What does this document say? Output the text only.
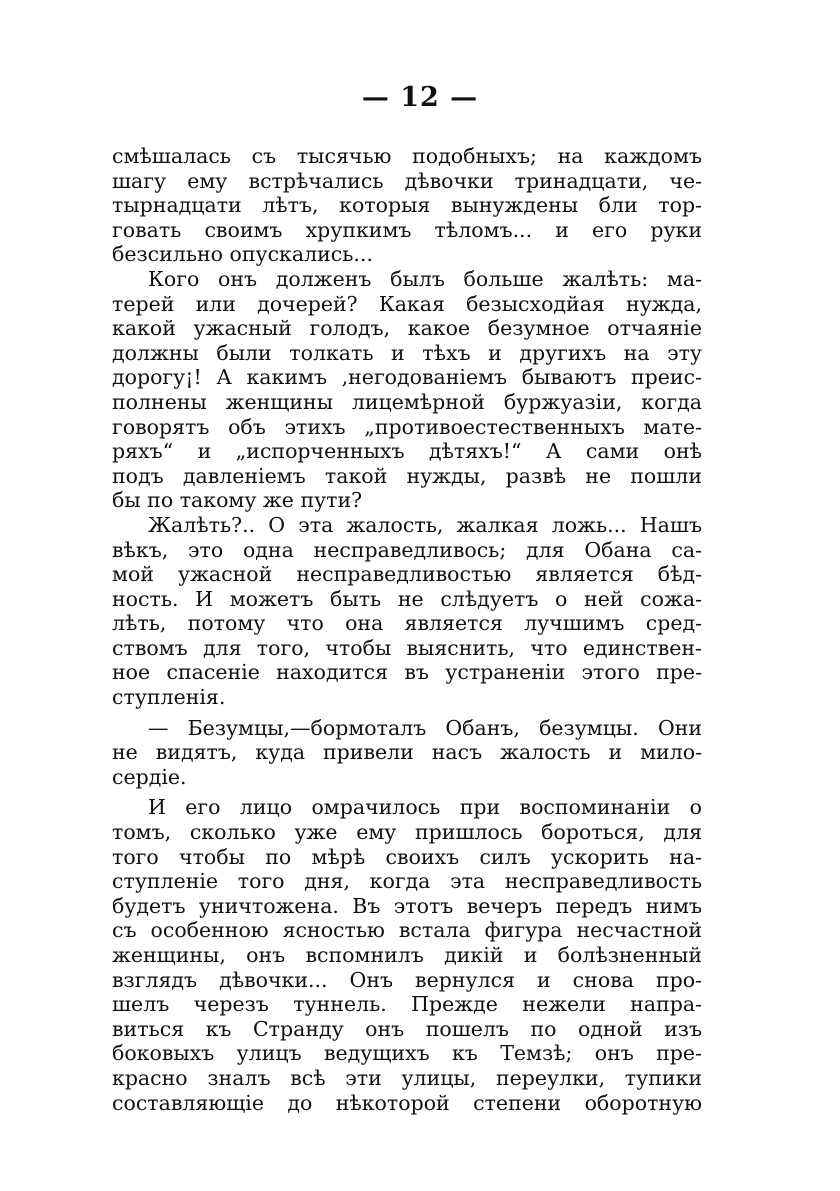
— 12 —
смѣшалась съ тысячью подобныхъ; на каждомъ
шагу ему встрѣчались дѣвочки тринадцати, че-
тырнадцати лѣтъ, которыя вынуждены бли тор-
говать своимъ хрупкимъ тѣломъ... и его руки
безсильно опускались...
Кого онъ долженъ былъ больше жалѣть: ма-
терей или дочерей? Какая безысходйая нужда,
какой ужасный голодъ, какое безумное отчаяніе
должны были толкать и тѣхъ и другихъ на эту
дорогу¡! А какимъ ,негодованіемъ бываютъ преис-
полнены женщины лицемѣрной буржуазіи, когда
говорятъ объ этихъ „противоестественныхъ мате-
ряхъ“ и „испорченныхъ дѣтяхъ!“ А сами онѣ
подъ давленіемъ такой нужды, развѣ не пошли
бы по такому же пути?
Жалѣть?.. О эта жалость, жалкая ложь... Нашъ
вѣкъ, это одна несправедливось; для Обана са-
мой ужасной несправедливостью является бѣд-
ность. И можетъ быть не слѣдуетъ о ней сожа-
лѣть, потому что она является лучшимъ сред-
ствомъ для того, чтобы выяснить, что единствен-
ное спасеніе находится въ устраненіи этого пре-
ступленія.
— Безумцы,—бормоталъ Обанъ, безумцы. Они
не видятъ, куда привели насъ жалость и мило-
сердіе.
И его лицо омрачилось при воспоминаніи о
томъ, сколько уже ему пришлось бороться, для
того чтобы по мѣрѣ своихъ силъ ускорить на-
ступленіе того дня, когда эта несправедливость
будетъ уничтожена. Въ этотъ вечеръ передъ нимъ
съ особенною ясностью встала фигура несчастной
женщины, онъ вспомнилъ дикій и болѣзненный
взглядъ дѣвочки... Онъ вернулся и снова про-
шелъ черезъ туннель. Прежде нежели напра-
виться къ Странду онъ пошелъ по одной изъ
боковыхъ улицъ ведущихъ къ Темзѣ; онъ пре-
красно зналъ всѣ эти улицы, переулки, тупики
составляющіе до нѣкоторой степени оборотную
